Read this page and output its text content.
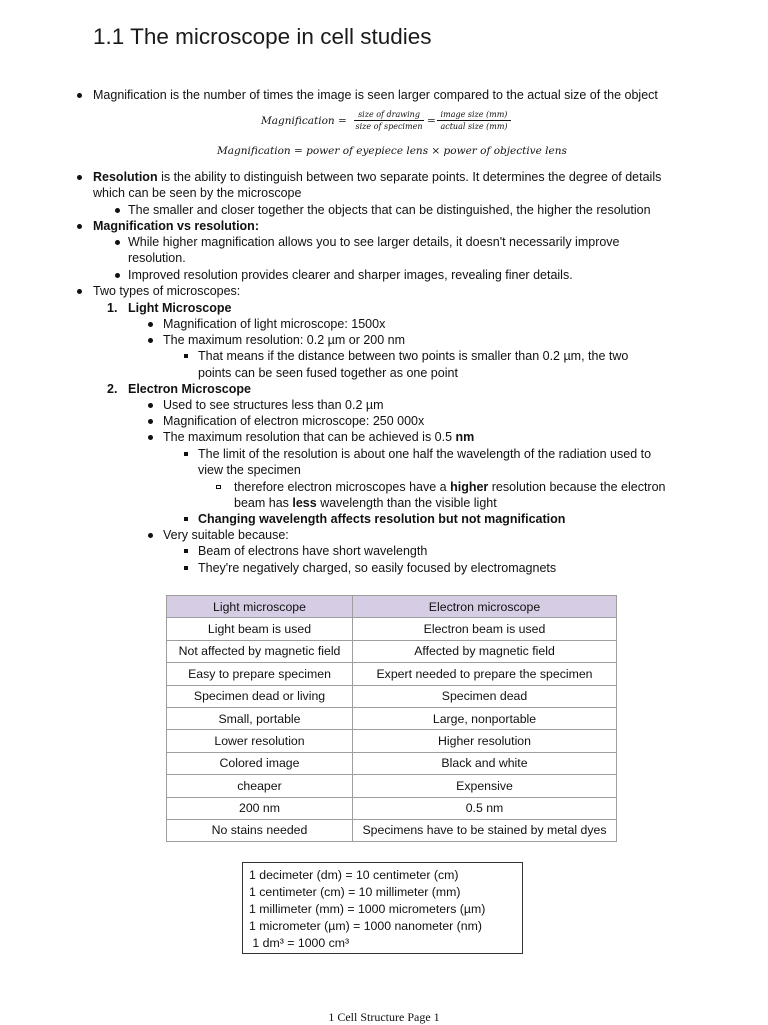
1.1 The microscope in cell studies
Magnification is the number of times the image is seen larger compared to the actual size of the object
Magnification =
size of drawing
size of specimen =
image size (mm)
actual size (mm)
Magnification = power of eyepiece lens × power of objective lens
Resolution is the ability to distinguish between two separate points. It determines the degree of details
which can be seen by the microscope
The smaller and closer together the objects that can be distinguished, the higher the resolution
Magnification vs resolution:
While higher magnification allows you to see larger details, it doesn't necessarily improve
resolution.
Improved resolution provides clearer and sharper images, revealing finer details.
Two types of microscopes:
1. Light Microscope
Magnification of light microscope: 1500x
The maximum resolution: 0.2 µm or 200 nm
That means if the distance between two points is smaller than 0.2 µm, the two
points can be seen fused together as one point
2. Electron Microscope
Used to see structures less than 0.2 µm
Magnification of electron microscope: 250 000x
The maximum resolution that can be achieved is 0.5 nm
The limit of the resolution is about one half the wavelength of the radiation used to
view the specimen
therefore electron microscopes have a higher resolution because the electron
beam has less wavelength than the visible light
Changing wavelength affects resolution but not magnification
Very suitable because:
Beam of electrons have short wavelength
They're negatively charged, so easily focused by electromagnets
Light microscope	Electron microscope
Light beam is used	Electron beam is used
Not affected by magnetic field	Affected by magnetic field
Easy to prepare specimen	Expert needed to prepare the specimen
Specimen dead or living	Specimen dead
Small, portable	Large, nonportable
Lower resolution	Higher resolution
Colored image	Black and white
cheaper	Expensive
200 nm	0.5 nm
No stains needed	Specimens have to be stained by metal dyes
1 decimeter (dm) = 10 centimeter (cm)
1 centimeter (cm) = 10 millimeter (mm)
1 millimeter (mm) = 1000 micrometers (µm)
1 micrometer (µm) = 1000 nanometer (nm)
1 dm³ = 1000 cm³
1 Cell Structure Page 1
